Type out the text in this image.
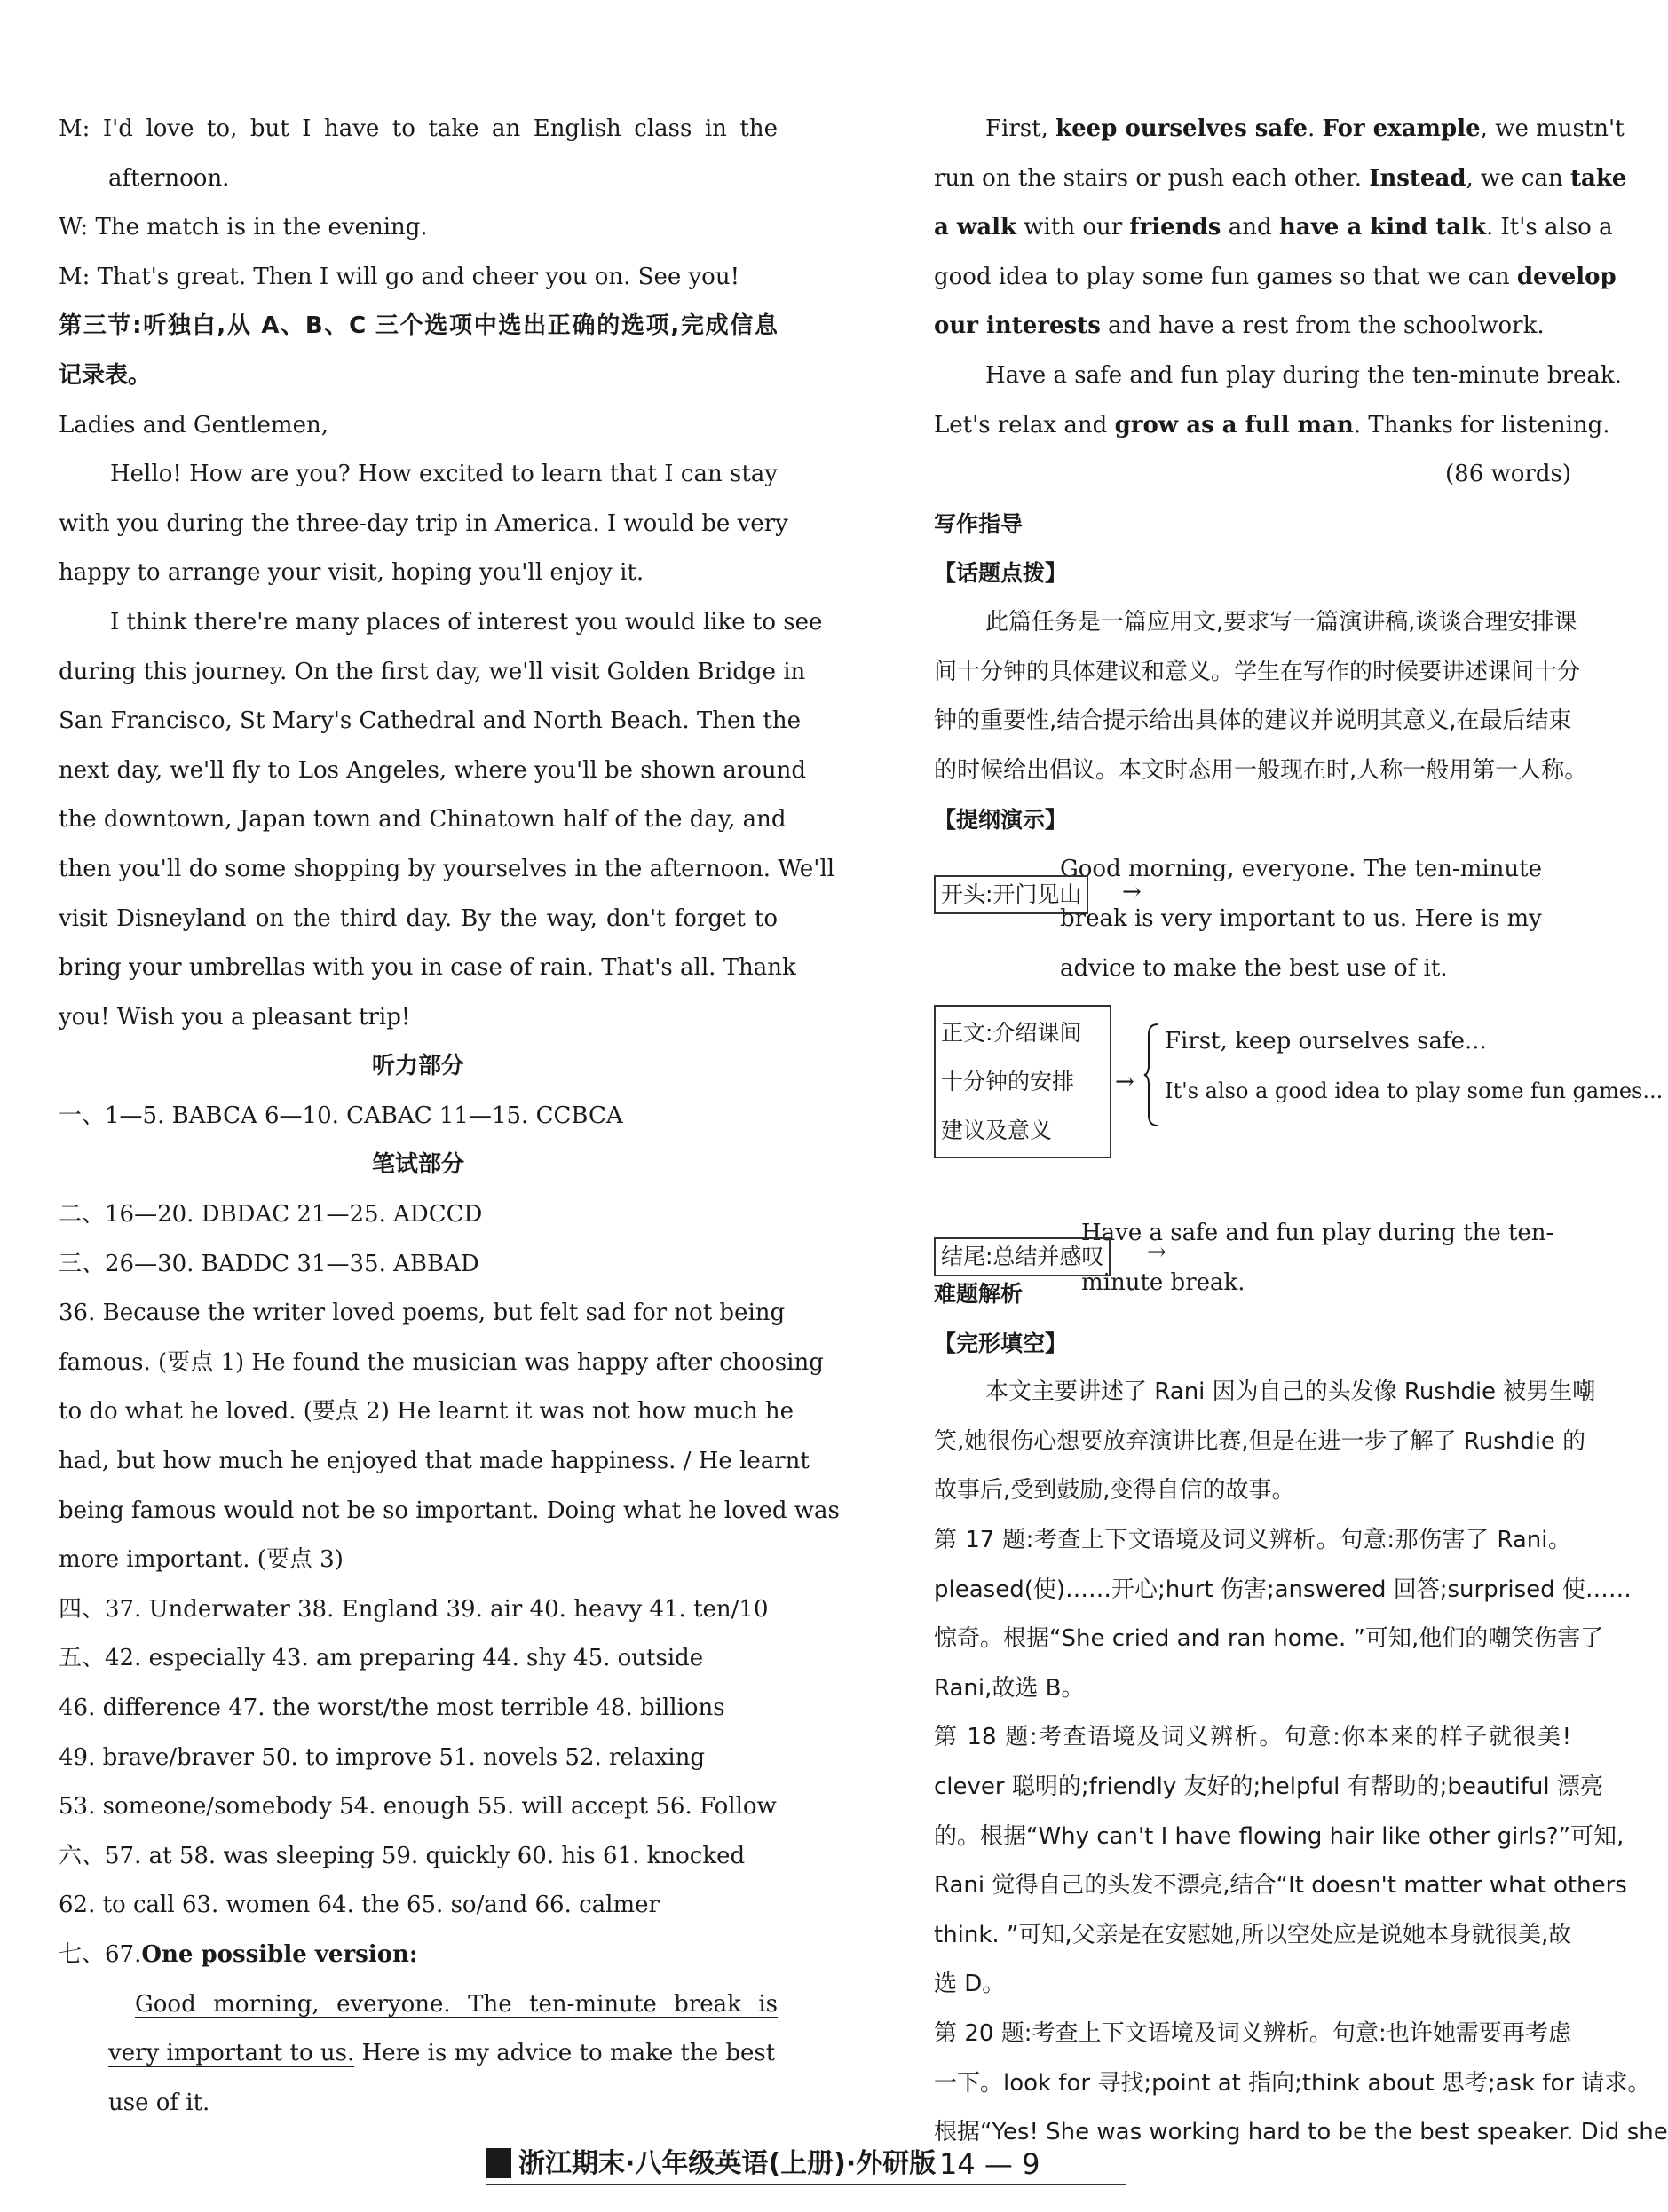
M: I'd love to, but I have to take an English class in the
afternoon.
W: The match is in the evening.
M: That's great. Then I will go and cheer you on. See you!
第三节:听独白,从 A、B、C 三个选项中选出正确的选项,完成信息
记录表。
Ladies and Gentlemen,
Hello! How are you? How excited to learn that I can stay
with you during the three-day trip in America. I would be very
happy to arrange your visit, hoping you'll enjoy it.
I think there're many places of interest you would like to see
during this journey. On the first day, we'll visit Golden Bridge in
San Francisco, St Mary's Cathedral and North Beach. Then the
next day, we'll fly to Los Angeles, where you'll be shown around
the downtown, Japan town and Chinatown half of the day, and
then you'll do some shopping by yourselves in the afternoon. We'll
visit Disneyland on the third day. By the way, don't forget to
bring your umbrellas with you in case of rain. That's all. Thank
you! Wish you a pleasant trip!
听力部分
一、1—5. BABCA 6—10. CABAC 11—15. CCBCA
笔试部分
二、16—20. DBDAC 21—25. ADCCD
三、26—30. BADDC 31—35. ABBAD
36. Because the writer loved poems, but felt sad for not being
famous. (要点 1) He found the musician was happy after choosing
to do what he loved. (要点 2) He learnt it was not how much he
had, but how much he enjoyed that made happiness. / He learnt
being famous would not be so important. Doing what he loved was
more important. (要点 3)
四、37. Underwater 38. England 39. air 40. heavy 41. ten/10
五、42. especially 43. am preparing 44. shy 45. outside
46. difference 47. the worst/the most terrible 48. billions
49. brave/braver 50. to improve 51. novels 52. relaxing
53. someone/somebody 54. enough 55. will accept 56. Follow
六、57. at 58. was sleeping 59. quickly 60. his 61. knocked
62. to call 63. women 64. the 65. so/and 66. calmer
七、67.One possible version:
Good morning, everyone. The ten-minute break is
very important to us. Here is my advice to make the best
use of it.
First, keep ourselves safe. For example, we mustn't
run on the stairs or push each other. Instead, we can take
a walk with our friends and have a kind talk. It's also a
good idea to play some fun games so that we can develop
our interests and have a rest from the schoolwork.
Have a safe and fun play during the ten-minute break.
Let's relax and grow as a full man. Thanks for listening.
(86 words)
写作指导
【话题点拨】
此篇任务是一篇应用文,要求写一篇演讲稿,谈谈合理安排课
间十分钟的具体建议和意义。学生在写作的时候要讲述课间十分
钟的重要性,结合提示给出具体的建议并说明其意义,在最后结束
的时候给出倡议。本文时态用一般现在时,人称一般用第一人称。
【提纲演示】
Good morning, everyone. The ten-minute
开头:开门见山	→
break is very important to us. Here is my
advice to make the best use of it.
正文:介绍课间
十分钟的安排
建议及意义
→
First, keep ourselves safe...
It's also a good idea to play some fun games...
Have a safe and fun play during the ten-
结尾:总结并感叹	→
minute break.
难题解析
【完形填空】
本文主要讲述了 Rani 因为自己的头发像 Rushdie 被男生嘲
笑,她很伤心想要放弃演讲比赛,但是在进一步了解了 Rushdie 的
故事后,受到鼓励,变得自信的故事。
第 17 题:考查上下文语境及词义辨析。句意:那伤害了 Rani。
pleased(使)……开心;hurt 伤害;answered 回答;surprised 使……
惊奇。根据“She cried and ran home. ”可知,他们的嘲笑伤害了
Rani,故选 B。
第 18 题:考查语境及词义辨析。句意:你本来的样子就很美!
clever 聪明的;friendly 友好的;helpful 有帮助的;beautiful 漂亮
的。根据“Why can't I have flowing hair like other girls?”可知,
Rani 觉得自己的头发不漂亮,结合“It doesn't matter what others
think. ”可知,父亲是在安慰她,所以空处应是说她本身就很美,故
选 D。
第 20 题:考查上下文语境及词义辨析。句意:也许她需要再考虑
一下。look for 寻找;point at 指向;think about 思考;ask for 请求。
根据“Yes! She was working hard to be the best speaker. Did she
浙江期末·八年级英语(上册)·外研版 14 — 9
